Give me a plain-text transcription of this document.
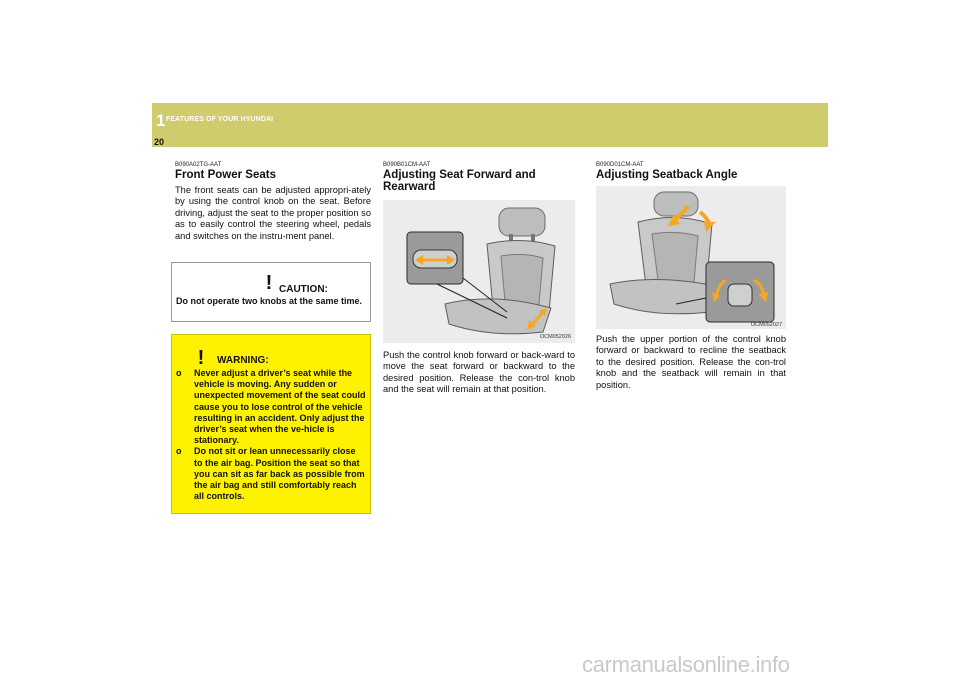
1 FEATURES OF YOUR HYUNDAI
20
B090A02TG-AAT
Front Power Seats
The front seats can be adjusted appropri-ately by using the control knob on the seat. Before driving, adjust the seat to the proper position so as to easily control the steering wheel, pedals and switches on the instru-ment panel.
! CAUTION:
Do not operate two knobs at the same time.
! WARNING:
o Never adjust a driver’s seat while the vehicle is moving. Any sudden or unexpected movement of the seat could cause you to lose control of the vehicle resulting in an accident. Only adjust the driver’s seat when the ve-hicle is stationary.
o Do not sit or lean unnecessarily close to the air bag. Position the seat so that you can sit as far back as possible from the air bag and still comfortably reach all controls.
B090B01CM-AAT
Adjusting Seat Forward and Rearward
OCM052026
Push the control knob forward or back-ward to move the seat forward or backward to the desired position. Release the con-trol knob and the seat will remain at that position.
B090D01CM-AAT
Adjusting Seatback Angle
OCM052027
Push the upper portion of the control knob forward or backward to recline the seatback to the desired position. Release the con-trol knob and the seatback will remain in that position.
carmanualsonline.info
